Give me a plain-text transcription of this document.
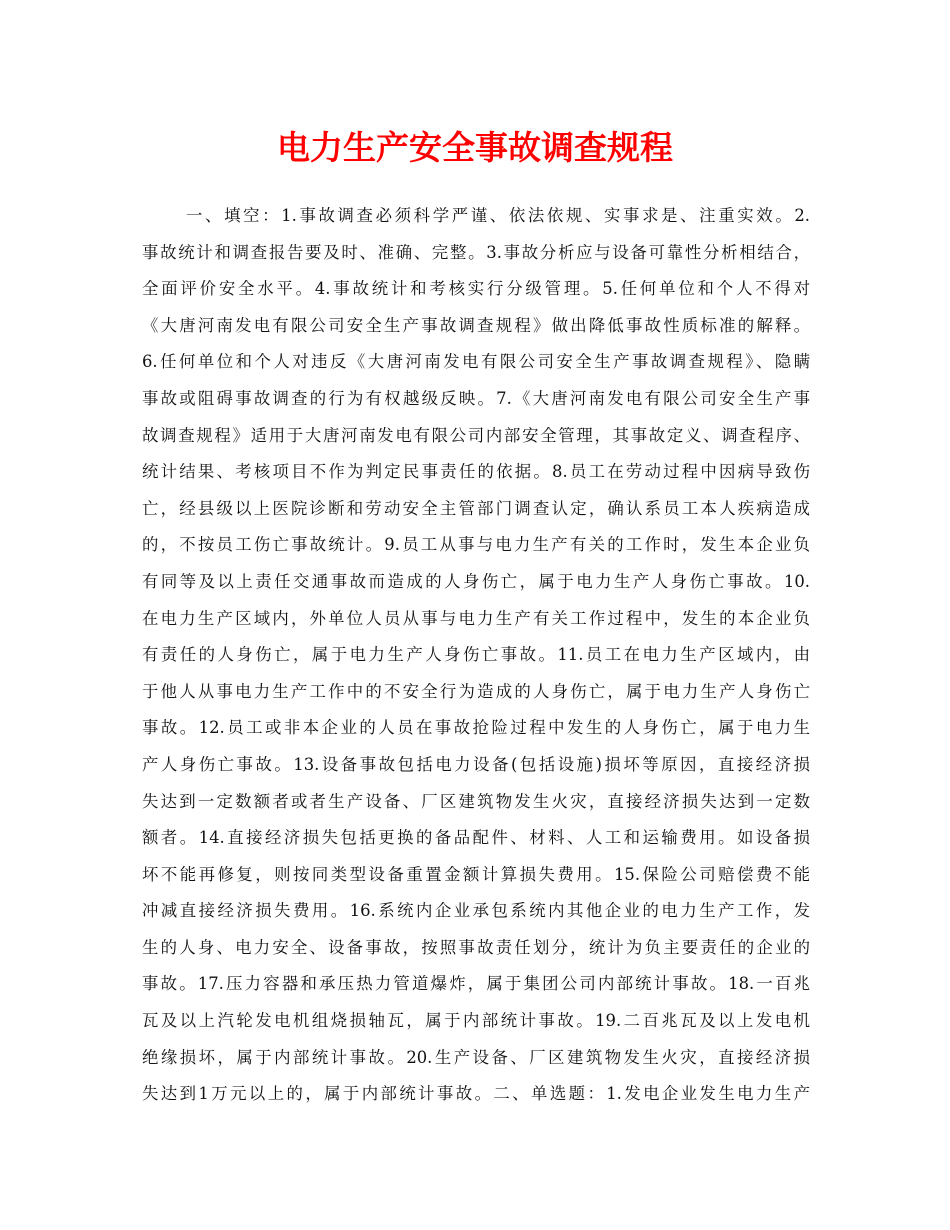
电力生产安全事故调查规程
一、填空：1.事故调查必须科学严谨、依法依规、实事求是、注重实效。2.
事故统计和调查报告要及时、准确、完整。3.事故分析应与设备可靠性分析相结合，
全面评价安全水平。4.事故统计和考核实行分级管理。5.任何单位和个人不得对
《大唐河南发电有限公司安全生产事故调查规程》做出降低事故性质标准的解释。
6.任何单位和个人对违反《大唐河南发电有限公司安全生产事故调查规程》、隐瞒
事故或阻碍事故调查的行为有权越级反映。7.《大唐河南发电有限公司安全生产事
故调查规程》适用于大唐河南发电有限公司内部安全管理，其事故定义、调查程序、
统计结果、考核项目不作为判定民事责任的依据。8.员工在劳动过程中因病导致伤
亡，经县级以上医院诊断和劳动安全主管部门调查认定，确认系员工本人疾病造成
的，不按员工伤亡事故统计。9.员工从事与电力生产有关的工作时，发生本企业负
有同等及以上责任交通事故而造成的人身伤亡，属于电力生产人身伤亡事故。10.
在电力生产区域内，外单位人员从事与电力生产有关工作过程中，发生的本企业负
有责任的人身伤亡，属于电力生产人身伤亡事故。11.员工在电力生产区域内，由
于他人从事电力生产工作中的不安全行为造成的人身伤亡，属于电力生产人身伤亡
事故。12.员工或非本企业的人员在事故抢险过程中发生的人身伤亡，属于电力生
产人身伤亡事故。13.设备事故包括电力设备(包括设施)损坏等原因，直接经济损
失达到一定数额者或者生产设备、厂区建筑物发生火灾，直接经济损失达到一定数
额者。14.直接经济损失包括更换的备品配件、材料、人工和运输费用。如设备损
坏不能再修复，则按同类型设备重置金额计算损失费用。15.保险公司赔偿费不能
冲减直接经济损失费用。16.系统内企业承包系统内其他企业的电力生产工作，发
生的人身、电力安全、设备事故，按照事故责任划分，统计为负主要责任的企业的
事故。17.压力容器和承压热力管道爆炸，属于集团公司内部统计事故。18.一百兆
瓦及以上汽轮发电机组烧损轴瓦，属于内部统计事故。19.二百兆瓦及以上发电机
绝缘损坏，属于内部统计事故。20.生产设备、厂区建筑物发生火灾，直接经济损
失达到1万元以上的，属于内部统计事故。二、单选题：1.发电企业发生电力生产
